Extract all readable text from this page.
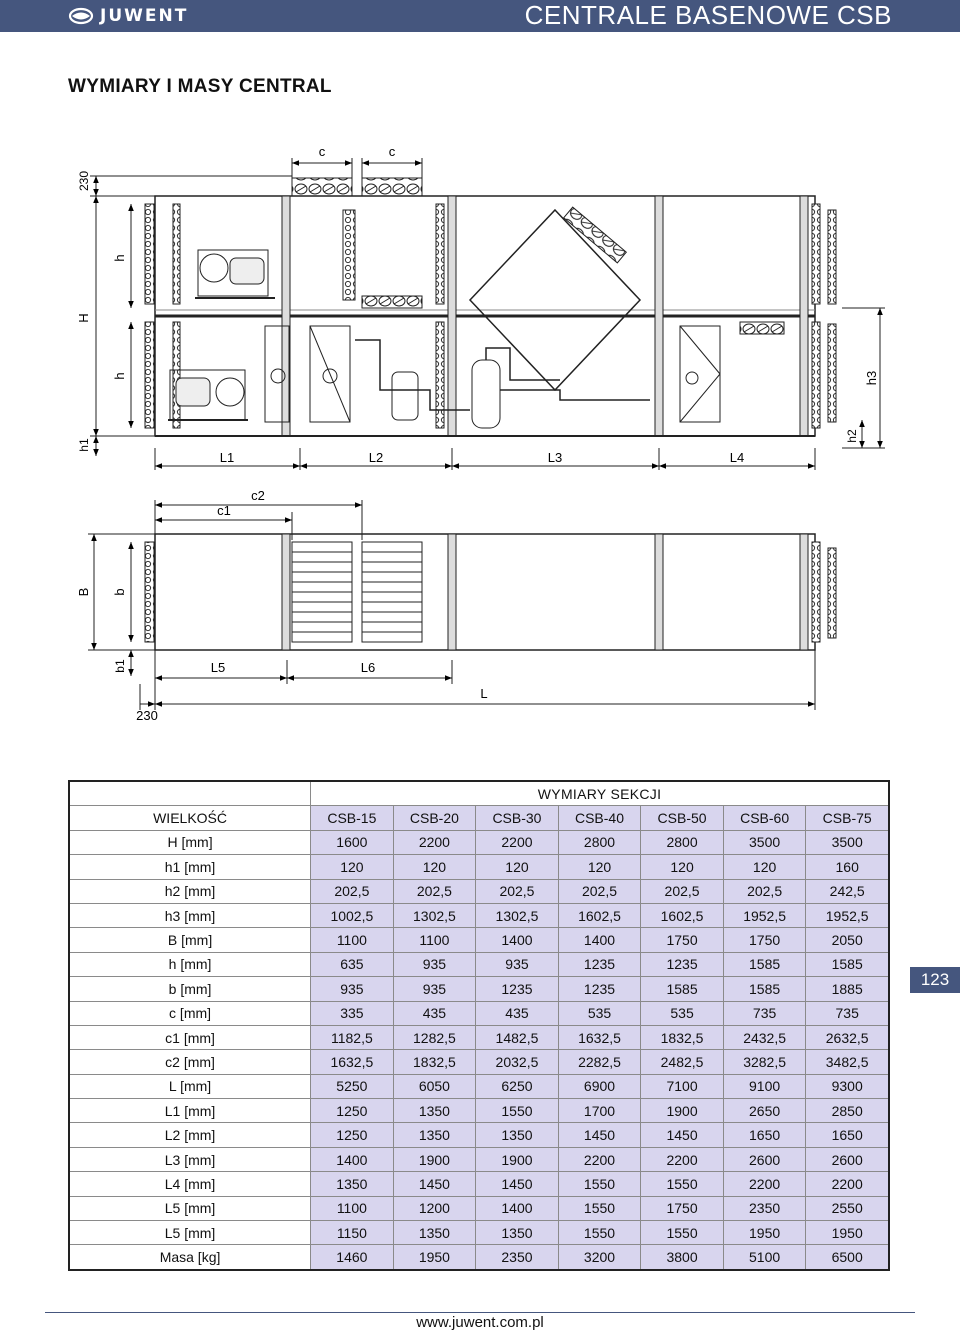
JUWENT	CENTRALE BASENOWE CSB
WYMIARY I MASY CENTRAL
c	c
230
H
h1
h
h	h3
h2
L1	L2	L3	L4
c2
c1
B b
b1	L5	L6
L
230
	WYMIARY SEKCJI						
WIELKOŚĆ	CSB-15	CSB-20	CSB-30	CSB-40	CSB-50	CSB-60	CSB-75
H [mm]	1600	2200	2200	2800	2800	3500	3500
h1 [mm]	120	120	120	120	120	120	160
h2 [mm]	202,5	202,5	202,5	202,5	202,5	202,5	242,5
h3 [mm]	1002,5	1302,5	1302,5	1602,5	1602,5	1952,5	1952,5
B [mm]	1100	1100	1400	1400	1750	1750	2050
h [mm]	635	935	935	1235	1235	1585	1585
b [mm]	935	935	1235	1235	1585	1585	1885
c [mm]	335	435	435	535	535	735	735
c1 [mm]	1182,5	1282,5	1482,5	1632,5	1832,5	2432,5	2632,5
c2 [mm]	1632,5	1832,5	2032,5	2282,5	2482,5	3282,5	3482,5
L [mm]	5250	6050	6250	6900	7100	9100	9300
L1 [mm]	1250	1350	1550	1700	1900	2650	2850
L2 [mm]	1250	1350	1350	1450	1450	1650	1650
L3 [mm]	1400	1900	1900	2200	2200	2600	2600
L4 [mm]	1350	1450	1450	1550	1550	2200	2200
L5 [mm]	1100	1200	1400	1550	1750	2350	2550
L5 [mm]	1150	1350	1350	1550	1550	1950	1950
Masa [kg]	1460	1950	2350	3200	3800	5100	6500
123
www.juwent.com.pl
